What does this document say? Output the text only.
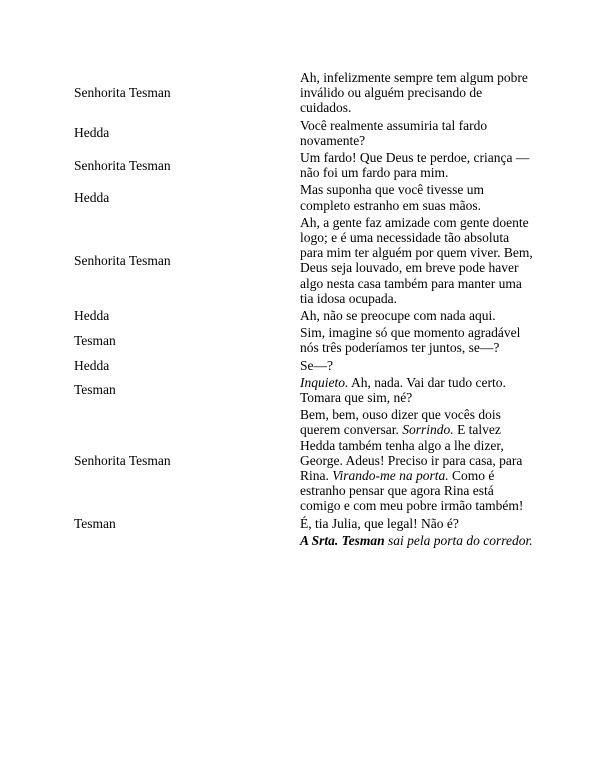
Senhorita Tesman	Ah, infelizmente sempre tem algum pobre inválido ou alguém precisando de cuidados.
Hedda	Você realmente assumiria tal fardo novamente?
Senhorita Tesman	Um fardo! Que Deus te perdoe, criança — não foi um fardo para mim.
Hedda	Mas suponha que você tivesse um completo estranho em suas mãos.
Senhorita Tesman	Ah, a gente faz amizade com gente doente logo; e é uma necessidade tão absoluta para mim ter alguém por quem viver. Bem, Deus seja louvado, em breve pode haver algo nesta casa também para manter uma tia idosa ocupada.
Hedda	Ah, não se preocupe com nada aqui.
Tesman	Sim, imagine só que momento agradável nós três poderíamos ter juntos, se—?
Hedda	Se—?
Tesman	Inquieto. Ah, nada. Vai dar tudo certo. Tomara que sim, né?
Senhorita Tesman	Bem, bem, ouso dizer que vocês dois querem conversar. Sorrindo. E talvez Hedda também tenha algo a lhe dizer, George. Adeus! Preciso ir para casa, para Rina. Virando-me na porta. Como é estranho pensar que agora Rina está comigo e com meu pobre irmão também!
Tesman	É, tia Julia, que legal! Não é?
	A Srta. Tesman sai pela porta do corredor.
